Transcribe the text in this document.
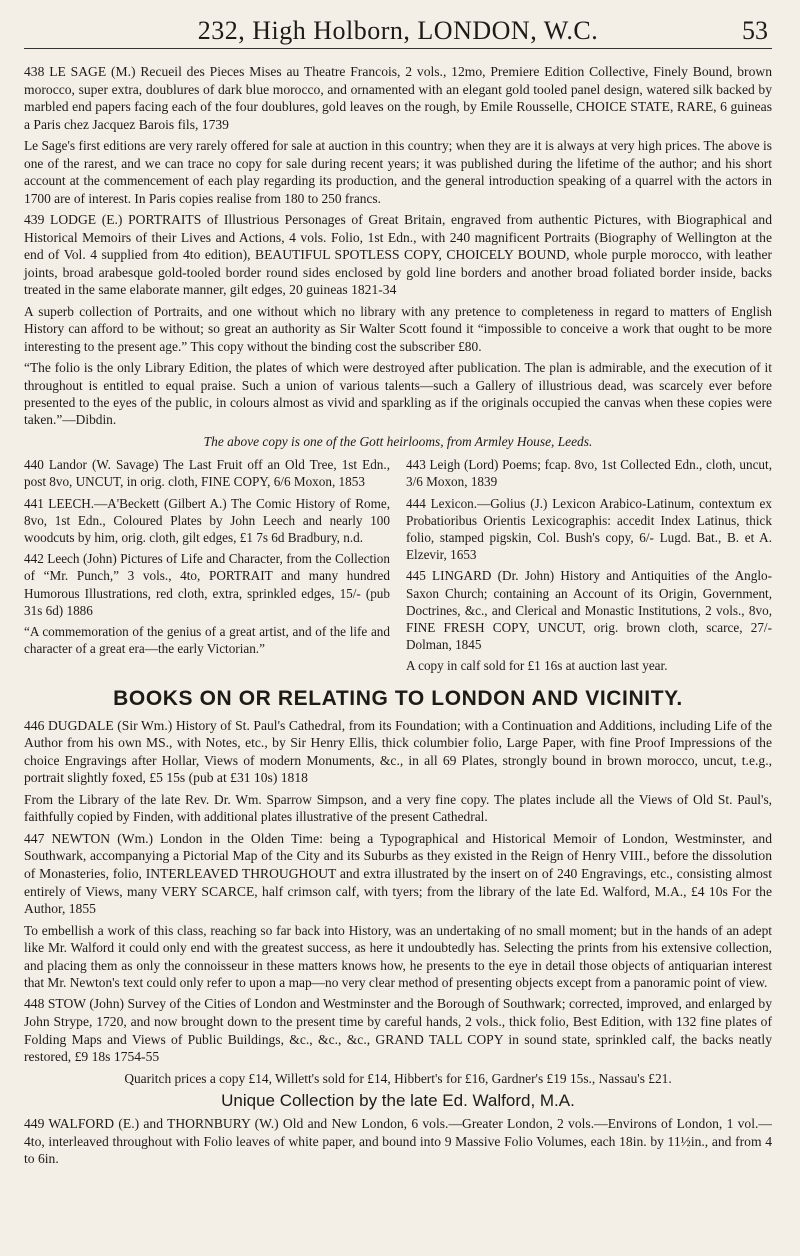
232, High Holborn, LONDON, W.C.	53

438 LE SAGE (M.) Recueil des Pieces Mises au Theatre Francois, 2 vols., 12mo, Premiere Edition Collective, Finely Bound, brown morocco, super extra, doublures of dark blue morocco, and ornamented with an elegant gold tooled panel design, watered silk backed by marbled end papers facing each of the four doublures, gold leaves on the rough, by Emile Rousselle, CHOICE STATE, RARE, 6 guineas a Paris chez Jacquez Barois fils, 1739

Le Sage's first editions are very rarely offered for sale at auction in this country; when they are it is always at very high prices. The above is one of the rarest, and we can trace no copy for sale during recent years; it was published during the lifetime of the author; and his short account at the commencement of each play regarding its production, and the general introduction speaking of a quarrel with the actors in 1700 are of interest. In Paris copies realise from 180 to 250 francs.

439 LODGE (E.) PORTRAITS of Illustrious Personages of Great Britain, engraved from authentic Pictures, with Biographical and Historical Memoirs of their Lives and Actions, 4 vols. Folio, 1st Edn., with 240 magnificent Portraits (Biography of Wellington at the end of Vol. 4 supplied from 4to edition), BEAUTIFUL SPOTLESS COPY, CHOICELY BOUND, whole purple morocco, with leather joints, broad arabesque gold-tooled border round sides enclosed by gold line borders and another broad foliated border inside, backs treated in the same elaborate manner, gilt edges, 20 guineas 1821-34

A superb collection of Portraits, and one without which no library with any pretence to completeness in regard to matters of English History can afford to be without; so great an authority as Sir Walter Scott found it “impossible to conceive a work that ought to be more interesting to the present age.” This copy without the binding cost the subscriber £80.

“The folio is the only Library Edition, the plates of which were destroyed after publication. The plan is admirable, and the execution of it throughout is entitled to equal praise. Such a union of various talents—such a Gallery of illustrious dead, was scarcely ever before presented to the eyes of the public, in colours almost as vivid and sparkling as if the originals occupied the canvas when these copies were taken.”—Dibdin.

The above copy is one of the Gott heirlooms, from Armley House, Leeds.

440 Landor (W. Savage) The Last Fruit off an Old Tree, 1st Edn., post 8vo, UNCUT, in orig. cloth, FINE COPY, 6/6 Moxon, 1853

441 LEECH.—A'Beckett (Gilbert A.) The Comic History of Rome, 8vo, 1st Edn., Coloured Plates by John Leech and nearly 100 woodcuts by him, orig. cloth, gilt edges, £1 7s 6d Bradbury, n.d.

442 Leech (John) Pictures of Life and Character, from the Collection of “Mr. Punch,” 3 vols., 4to, PORTRAIT and many hundred Humorous Illustrations, red cloth, extra, sprinkled edges, 15/- (pub 31s 6d) 1886

“A commemoration of the genius of a great artist, and of the life and character of a great era—the early Victorian.”

443 Leigh (Lord) Poems; fcap. 8vo, 1st Collected Edn., cloth, uncut, 3/6 Moxon, 1839

444 Lexicon.—Golius (J.) Lexicon Arabico-Latinum, contextum ex Probatioribus Orientis Lexicographis: accedit Index Latinus, thick folio, stamped pigskin, Col. Bush's copy, 6/- Lugd. Bat., B. et A. Elzevir, 1653

445 LINGARD (Dr. John) History and Antiquities of the Anglo-Saxon Church; containing an Account of its Origin, Government, Doctrines, &c., and Clerical and Monastic Institutions, 2 vols., 8vo, FINE FRESH COPY, UNCUT, orig. brown cloth, scarce, 27/- Dolman, 1845

A copy in calf sold for £1 16s at auction last year.

BOOKS ON OR RELATING TO LONDON AND VICINITY.

446 DUGDALE (Sir Wm.) History of St. Paul's Cathedral, from its Foundation; with a Continuation and Additions, including Life of the Author from his own MS., with Notes, etc., by Sir Henry Ellis, thick columbier folio, Large Paper, with fine Proof Impressions of the choice Engravings after Hollar, Views of modern Monuments, &c., in all 69 Plates, strongly bound in brown morocco, uncut, t.e.g., portrait slightly foxed, £5 15s (pub at £31 10s) 1818

From the Library of the late Rev. Dr. Wm. Sparrow Simpson, and a very fine copy. The plates include all the Views of Old St. Paul's, faithfully copied by Finden, with additional plates illustrative of the present Cathedral.

447 NEWTON (Wm.) London in the Olden Time: being a Typographical and Historical Memoir of London, Westminster, and Southwark, accompanying a Pictorial Map of the City and its Suburbs as they existed in the Reign of Henry VIII., before the dissolution of Monasteries, folio, INTERLEAVED THROUGHOUT and extra illustrated by the insert on of 240 Engravings, etc., consisting almost entirely of Views, many VERY SCARCE, half crimson calf, with tyers; from the library of the late Ed. Walford, M.A., £4 10s For the Author, 1855

To embellish a work of this class, reaching so far back into History, was an undertaking of no small moment; but in the hands of an adept like Mr. Walford it could only end with the greatest success, as here it undoubtedly has. Selecting the prints from his extensive collection, and placing them as only the connoisseur in these matters knows how, he presents to the eye in detail those objects of antiquarian interest that Mr. Newton's text could only refer to upon a map—no very clear method of presenting objects except from a panoramic point of view.

448 STOW (John) Survey of the Cities of London and Westminster and the Borough of Southwark; corrected, improved, and enlarged by John Strype, 1720, and now brought down to the present time by careful hands, 2 vols., thick folio, Best Edition, with 132 fine plates of Folding Maps and Views of Public Buildings, &c., &c., &c., GRAND TALL COPY in sound state, sprinkled calf, the backs neatly restored, £9 18s 1754-55

Quaritch prices a copy £14, Willett's sold for £14, Hibbert's for £16, Gardner's £19 15s., Nassau's £21.

Unique Collection by the late Ed. Walford, M.A.

449 WALFORD (E.) and THORNBURY (W.) Old and New London, 6 vols.—Greater London, 2 vols.—Environs of London, 1 vol.—4to, interleaved throughout with Folio leaves of white paper, and bound into 9 Massive Folio Volumes, each 18in. by 11½in., and from 4 to 6in.
